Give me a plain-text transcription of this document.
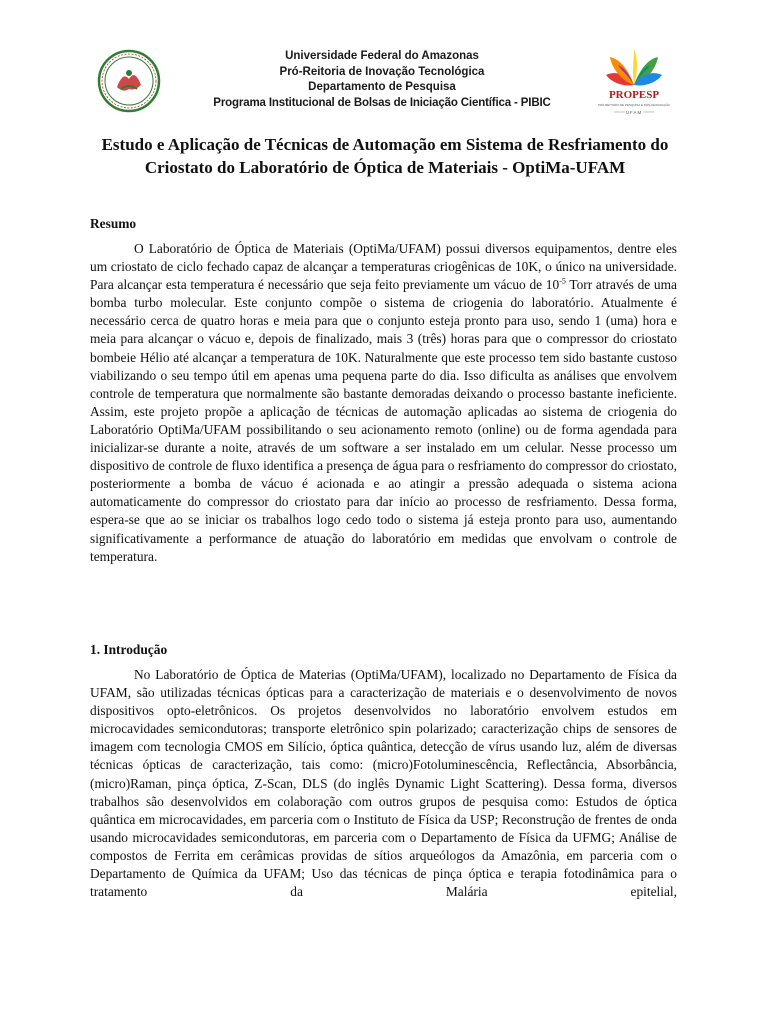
Universidade Federal do Amazonas
Pró-Reitoria de Inovação Tecnológica
Departamento de Pesquisa
Programa Institucional de Bolsas de Iniciação Científica - PIBIC
PROPESP
PRÓ-REITORIA DE PESQUISA E PÓS-GRADUAÇÃO
UFAM
Estudo e Aplicação de Técnicas de Automação em Sistema de Resfriamento do Criostato do Laboratório de Óptica de Materiais - OptiMa-UFAM
Resumo

O Laboratório de Óptica de Materiais (OptiMa/UFAM) possui diversos equipamentos, dentre eles um criostato de ciclo fechado capaz de alcançar a temperaturas criogênicas de 10K, o único na universidade. Para alcançar esta temperatura é necessário que seja feito previamente um vácuo de $10^{-5}$ Torr através de uma bomba turbo molecular. Este conjunto compõe o sistema de criogenia do laboratório. Atualmente é necessário cerca de quatro horas e meia para que o conjunto esteja pronto para uso, sendo 1 (uma) hora e meia para alcançar o vácuo e, depois de finalizado, mais 3 (três) horas para que o compressor do criostato bombeie Hélio até alcançar a temperatura de 10K. Naturalmente que este processo tem sido bastante custoso viabilizando o seu tempo útil em apenas uma pequena parte do dia. Isso dificulta as análises que envolvem controle de temperatura que normalmente são bastante demoradas deixando o processo bastante ineficiente. Assim, este projeto propõe a aplicação de técnicas de automação aplicadas ao sistema de criogenia do Laboratório OptiMa/UFAM possibilitando o seu acionamento remoto (online) ou de forma agendada para inicializar-se durante a noite, através de um software a ser instalado em um celular. Nesse processo um dispositivo de controle de fluxo identifica a presença de água para o resfriamento do compressor do criostato, posteriormente a bomba de vácuo é acionada e ao atingir a pressão adequada o sistema aciona automaticamente do compressor do criostato para dar início ao processo de resfriamento. Dessa forma, espera-se que ao se iniciar os trabalhos logo cedo todo o sistema já esteja pronto para uso, aumentando significativamente a performance de atuação do laboratório em medidas que envolvam o controle de temperatura.

1. Introdução

No Laboratório de Óptica de Materias (OptiMa/UFAM), localizado no Departamento de Física da UFAM, são utilizadas técnicas ópticas para a caracterização de materiais e o desenvolvimento de novos dispositivos opto-eletrônicos. Os projetos desenvolvidos no laboratório envolvem estudos em microcavidades semicondutoras; transporte eletrônico spin polarizado; caracterização chips de sensores de imagem com tecnologia CMOS em Silício, óptica quântica, detecção de vírus usando luz, além de diversas técnicas ópticas de caracterização, tais como: (micro)Fotoluminescência, Reflectância, Absorbância, (micro)Raman, pinça óptica, Z-Scan, DLS (do inglês Dynamic Light Scattering). Dessa forma, diversos trabalhos são desenvolvidos em colaboração com outros grupos de pesquisa como: Estudos de óptica quântica em microcavidades, em parceria com o Instituto de Física da USP; Reconstrução de frentes de onda usando microcavidades semicondutoras, em parceria com o Departamento de Física da UFMG; Análise de compostos de Ferrita em cerâmicas providas de sítios arqueólogos da Amazônia, em parceria com o Departamento de Química da UFAM; Uso das técnicas de pinça óptica e terapia fotodinâmica para o tratamento da Malária epitelial,
